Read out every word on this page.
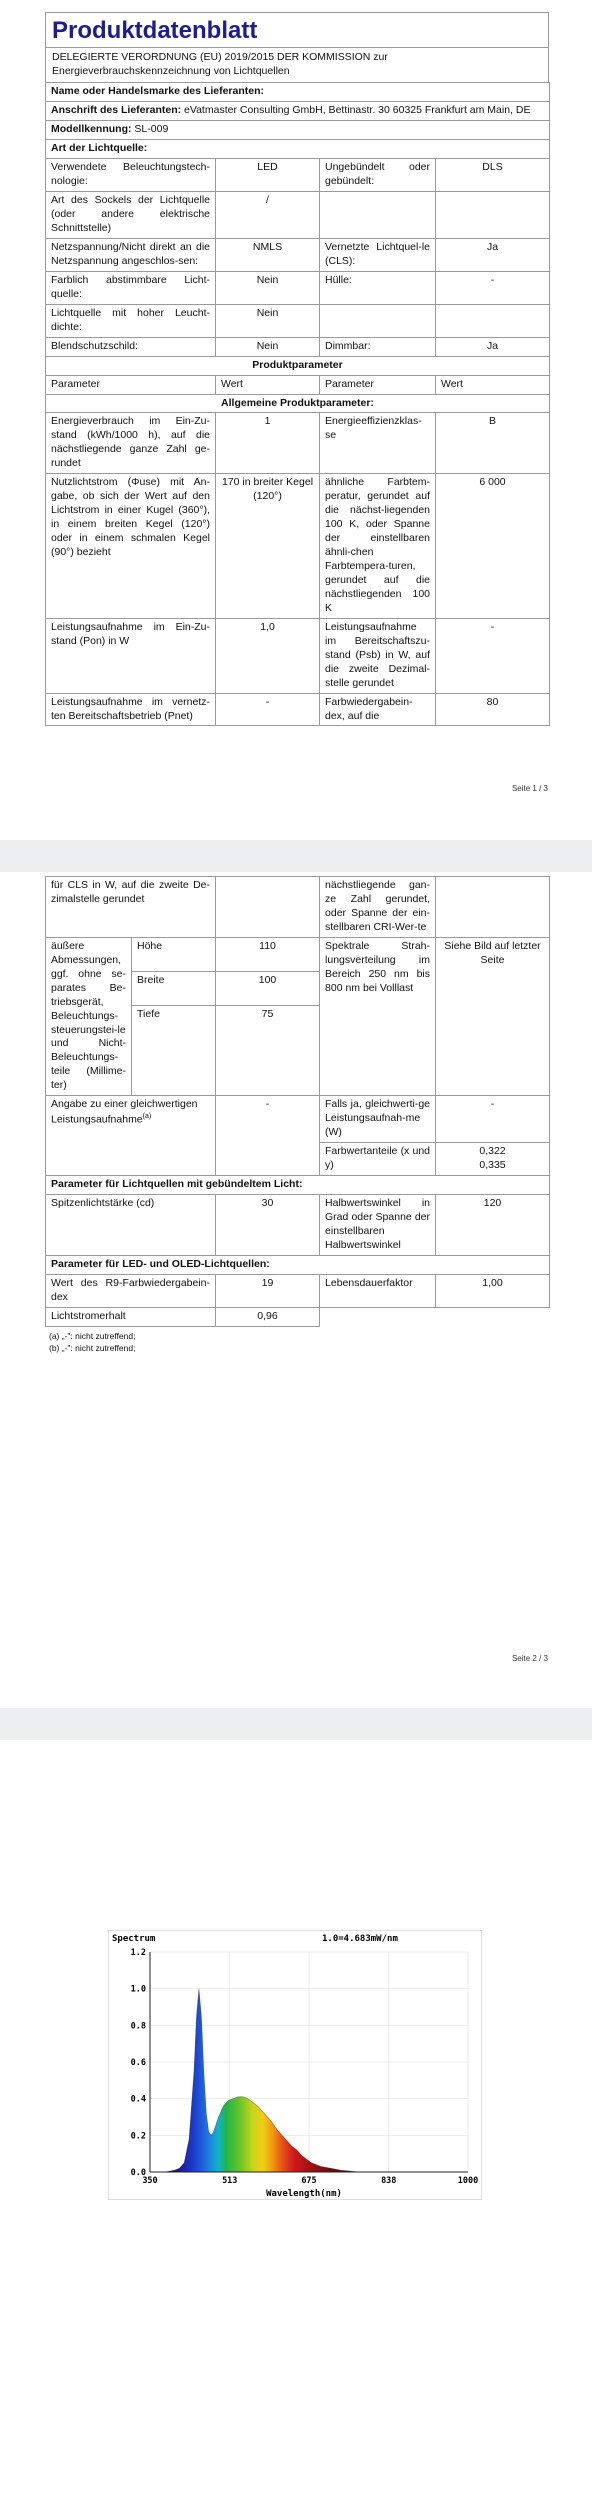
Produktdatenblatt
DELEGIERTE VERORDNUNG (EU) 2019/2015 DER KOMMISSION zur Energieverbrauchskennzeichnung von Lichtquellen
Name oder Handelsmarke des Lieferanten:			
Anschrift des Lieferanten: eVatmaster Consulting GmbH, Bettinastr. 30 60325 Frankfurt am Main, DE			
Modellkennung: SL-009			
Art der Lichtquelle:			
Verwendete Beleuchtungstech-nologie:	LED	Ungebündelt oder gebündelt:	DLS
Art des Sockels der Lichtquelle (oder andere elektrische Schnittstelle)	/		
Netzspannung/Nicht direkt an die Netzspannung angeschlos-sen:	NMLS	Vernetzte Lichtquel-le (CLS):	Ja
Farblich abstimmbare Licht-quelle:	Nein	Hülle:	-
Lichtquelle mit hoher Leucht-dichte:	Nein		
Blendschutzschild:	Nein	Dimmbar:	Ja
Produktparameter			
Parameter	Wert	Parameter	Wert
Allgemeine Produktparameter:			
Energieverbrauch im Ein-Zu-stand (kWh/1000 h), auf die nächstliegende ganze Zahl ge-rundet	1	Energieeffizienzklas-se	B
Nutzlichtstrom (Φuse) mit An-gabe, ob sich der Wert auf den Lichtstrom in einer Kugel (360°), in einem breiten Kegel (120°) oder in einem schmalen Kegel (90°) bezieht	170 in breiter Kegel (120°)	ähnliche Farbtem-peratur, gerundet auf die nächst-liegenden 100 K, oder Spanne der einstellbaren ähnli-chen Farbtempera-turen, gerundet auf die nächstliegenden 100 K	6 000
Leistungsaufnahme im Ein-Zu-stand (Pon) in W	1,0	Leistungsaufnahme im Bereitschaftszu-stand (Psb) in W, auf die zweite Dezimal-stelle gerundet	-
Leistungsaufnahme im vernetz-ten Bereitschaftsbetrieb (Pnet)	-	Farbwiedergabein-dex, auf die	80
Seite 1 / 3
für CLS in W, auf die zweite De-zimalstelle gerundet			nächstliegende gan-ze Zahl gerundet, oder Spanne der ein-stellbaren CRI-Wer-te	
äußere Abmessungen, ggf. ohne se-parates Be-triebsgerät, Beleuchtungs-steuerungstei-le und Nicht-Beleuchtungs-teile (Millime-ter)	Höhe	110	Spektrale Strah-lungsverteilung im Bereich 250 nm bis 800 nm bei Volllast	Siehe Bild auf letzter Seite
	Breite	100		
	Tiefe	75		
Angabe zu einer gleichwertigen Leistungsaufnahme$^{(a)}$		-	Falls ja, gleichwerti-ge Leistungsaufnah-me (W)	-
			Farbwertanteile (x und y)	0,322
0,335

Parameter für Lichtquellen mit gebündeltem Licht:				
Spitzenlichtstärke (cd)		30	Halbwertswinkel in Grad oder Spanne der einstellbaren Halbwertswinkel	120
Parameter für LED- und OLED-Lichtquellen:				
Wert des R9-Farbwiedergabein-dex		19	Lebensdauerfaktor	1,00
Lichtstromerhalt		0,96		
(a) „-": nicht zutreffend;
(b) „-": nicht zutreffend;
Seite 2 / 3
Spectrum	1.0=4.683mW/nm
0.0
0.2
0.4
0.6
0.8
1.0
1.2
350	513	675	838	1000
Wavelength(nm)
